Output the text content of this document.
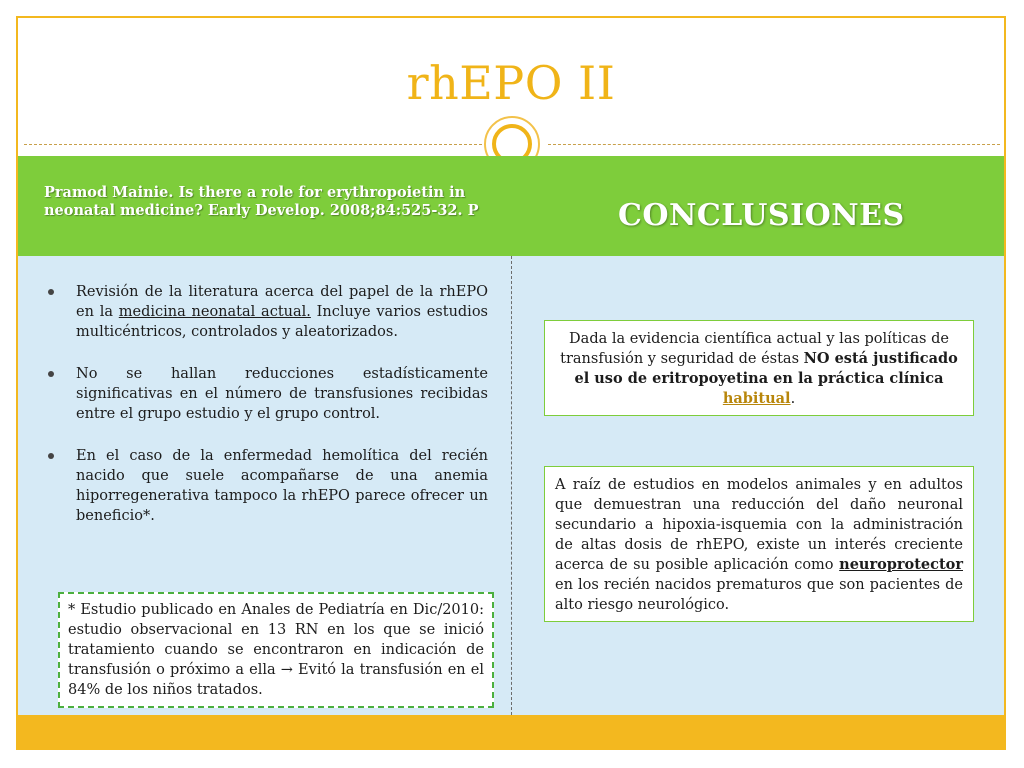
rhEPO II
Pramod Mainie. Is there a role for erythropoietin in neonatal medicine? Early Develop. 2008;84:525-32. P	CONCLUSIONES
Revisión de la literatura acerca del papel de la rhEPO en la medicina neonatal actual. Incluye varios estudios multicéntricos, controlados y aleatorizados.
No se hallan reducciones estadísticamente significativas en el número de transfusiones recibidas entre el grupo estudio y el grupo control.
En el caso de la enfermedad hemolítica del recién nacido que suele acompañarse de una anemia hiporregenerativa tampoco la rhEPO parece ofrecer un beneficio*.
* Estudio publicado en Anales de Pediatría en Dic/2010: estudio observacional en 13 RN en los que se inició tratamiento cuando se encontraron en indicación de transfusión o próximo a ella → Evitó la transfusión en el 84% de los niños tratados.
Dada la evidencia científica actual y las políticas de transfusión y seguridad de éstas NO está justificado el uso de eritropoyetina en la práctica clínica habitual.
A raíz de estudios en modelos animales y en adultos que demuestran una reducción del daño neuronal secundario a hipoxia-isquemia con la administración de altas dosis de rhEPO, existe un interés creciente acerca de su posible aplicación como neuroprotector en los recién nacidos prematuros que son pacientes de alto riesgo neurológico.
